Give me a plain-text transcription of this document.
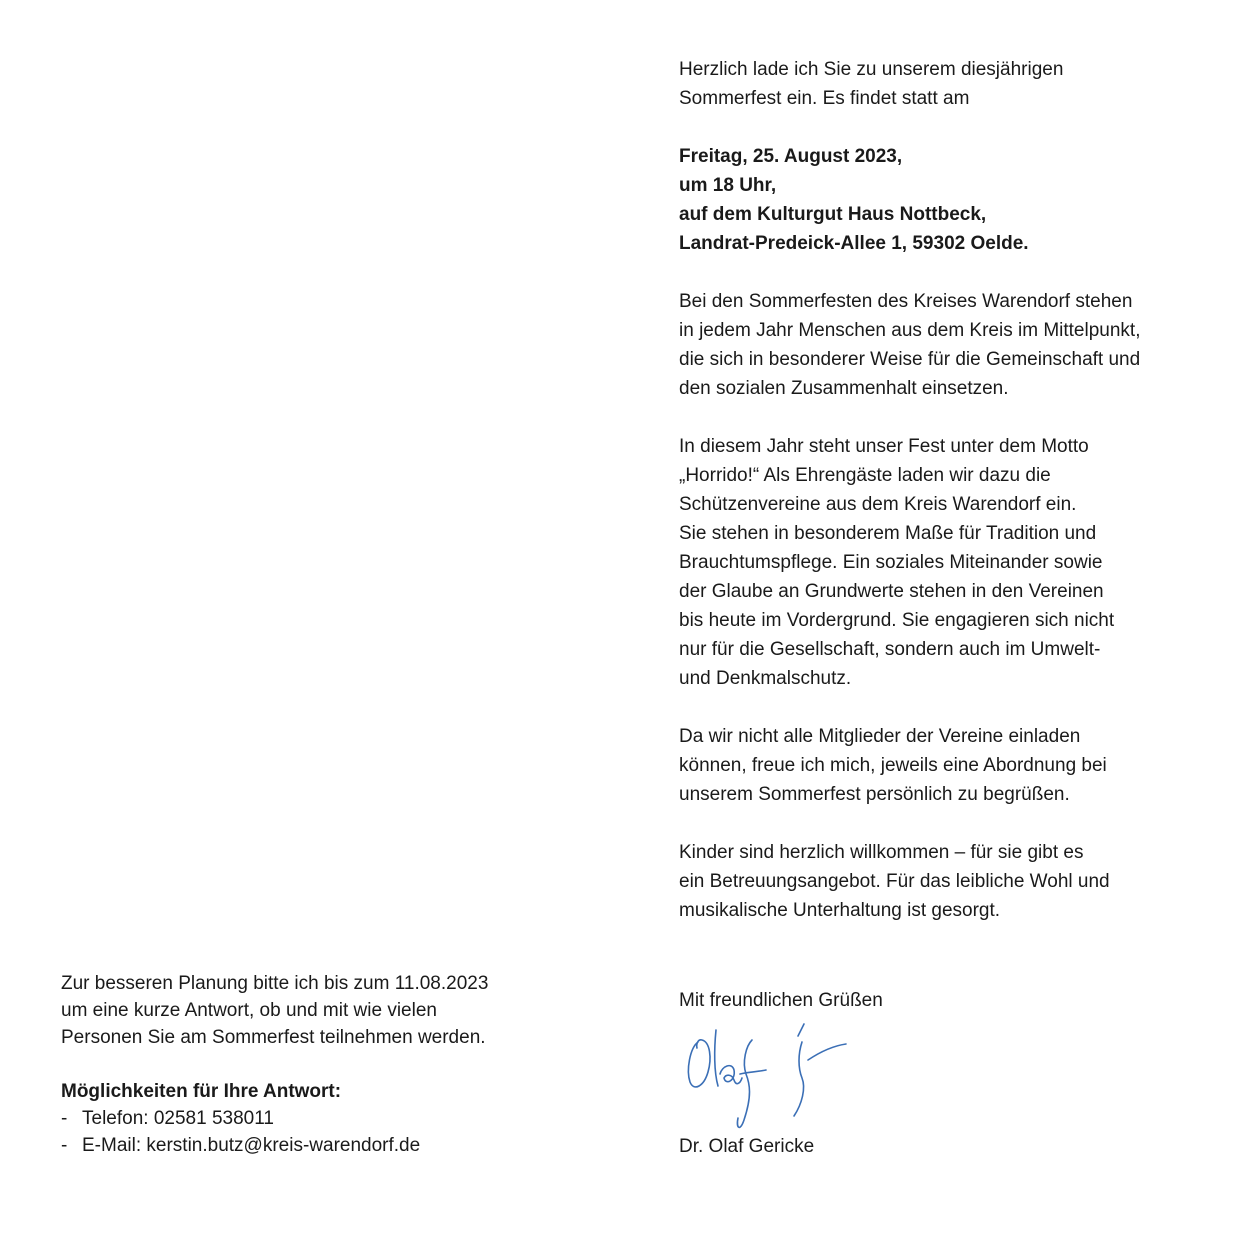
Herzlich lade ich Sie zu unserem diesjährigen
Sommerfest ein. Es findet statt am

Freitag, 25. August 2023,
um 18 Uhr,
auf dem Kulturgut Haus Nottbeck,
Landrat-Predeick-Allee 1, 59302 Oelde.

Bei den Sommerfesten des Kreises Warendorf stehen
in jedem Jahr Menschen aus dem Kreis im Mittelpunkt,
die sich in besonderer Weise für die Gemeinschaft und
den sozialen Zusammenhalt einsetzen.

In diesem Jahr steht unser Fest unter dem Motto
„Horrido!“ Als Ehrengäste laden wir dazu die
Schützenvereine aus dem Kreis Warendorf ein.
Sie stehen in besonderem Maße für Tradition und
Brauchtumspflege. Ein soziales Miteinander sowie
der Glaube an Grundwerte stehen in den Vereinen
bis heute im Vordergrund. Sie engagieren sich nicht
nur für die Gesellschaft, sondern auch im Umwelt-
und Denkmalschutz.

Da wir nicht alle Mitglieder der Vereine einladen
können, freue ich mich, jeweils eine Abordnung bei
unserem Sommerfest persönlich zu begrüßen.

Kinder sind herzlich willkommen – für sie gibt es
ein Betreuungsangebot. Für das leibliche Wohl und
musikalische Unterhaltung ist gesorgt.

Mit freundlichen Grüßen
Dr. Olaf Gericke
Zur besseren Planung bitte ich bis zum 11.08.2023
um eine kurze Antwort, ob und mit wie vielen
Personen Sie am Sommerfest teilnehmen werden.
Möglichkeiten für Ihre Antwort:
- Telefon: 02581 538011
- E-Mail: kerstin.butz@kreis-warendorf.de
